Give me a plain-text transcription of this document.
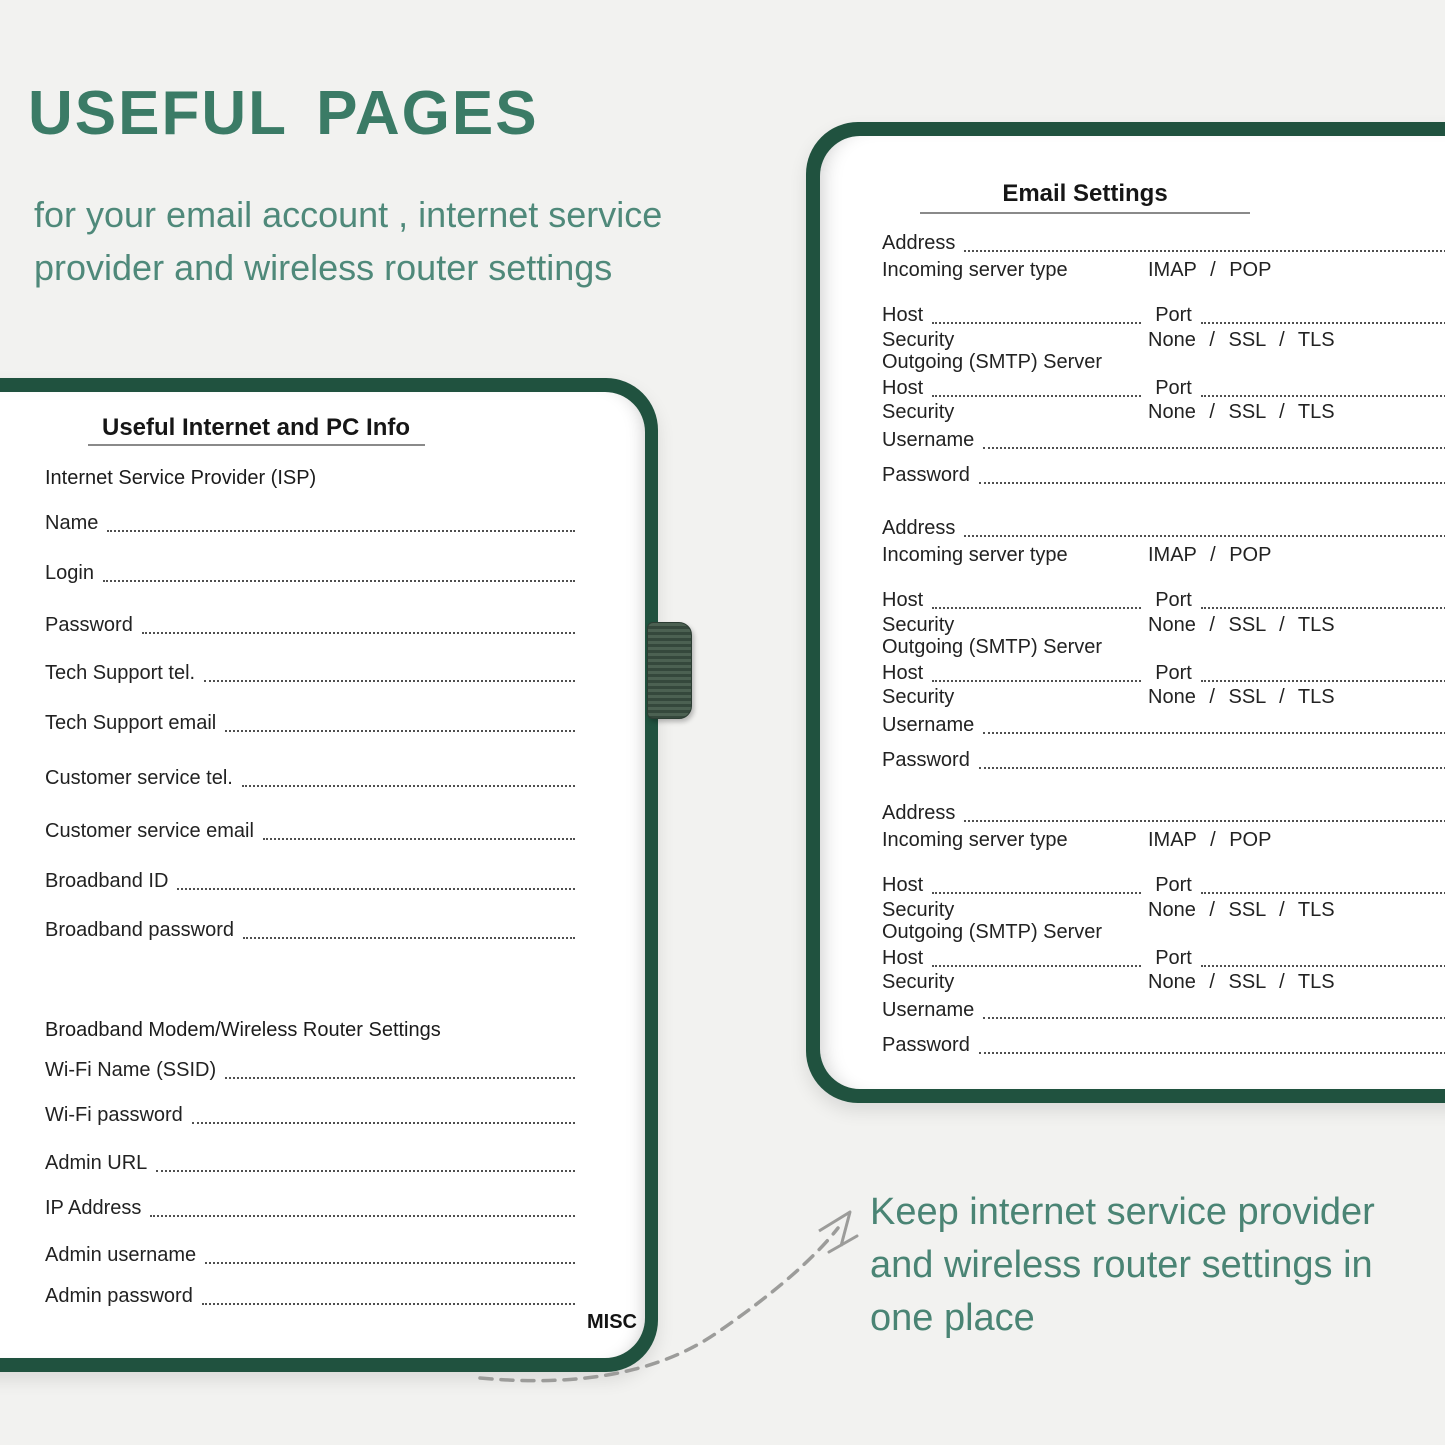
USEFUL PAGES
for your email account , internet service
provider and wireless router settings
Useful Internet and PC Info
Internet Service Provider (ISP)
Name
Login
Password
Tech Support tel.
Tech Support email
Customer service tel.
Customer service email
Broadband ID
Broadband password
Broadband Modem/Wireless Router Settings
Wi-Fi Name (SSID)
Wi-Fi password
Admin URL
IP Address
Admin username
Admin password
MISC
Email Settings
Address
Incoming server type	IMAP / POP
Host	Port
Security	None / SSL / TLS
Outgoing (SMTP) Server
Host	Port
Security	None / SSL / TLS
Username
Password
Address
Incoming server type	IMAP / POP
Host	Port
Security	None / SSL / TLS
Outgoing (SMTP) Server
Host	Port
Security	None / SSL / TLS
Username
Password
Address
Incoming server type	IMAP / POP
Host	Port
Security	None / SSL / TLS
Outgoing (SMTP) Server
Host	Port
Security	None / SSL / TLS
Username
Password
Keep internet service provider
and wireless router settings in
one place
